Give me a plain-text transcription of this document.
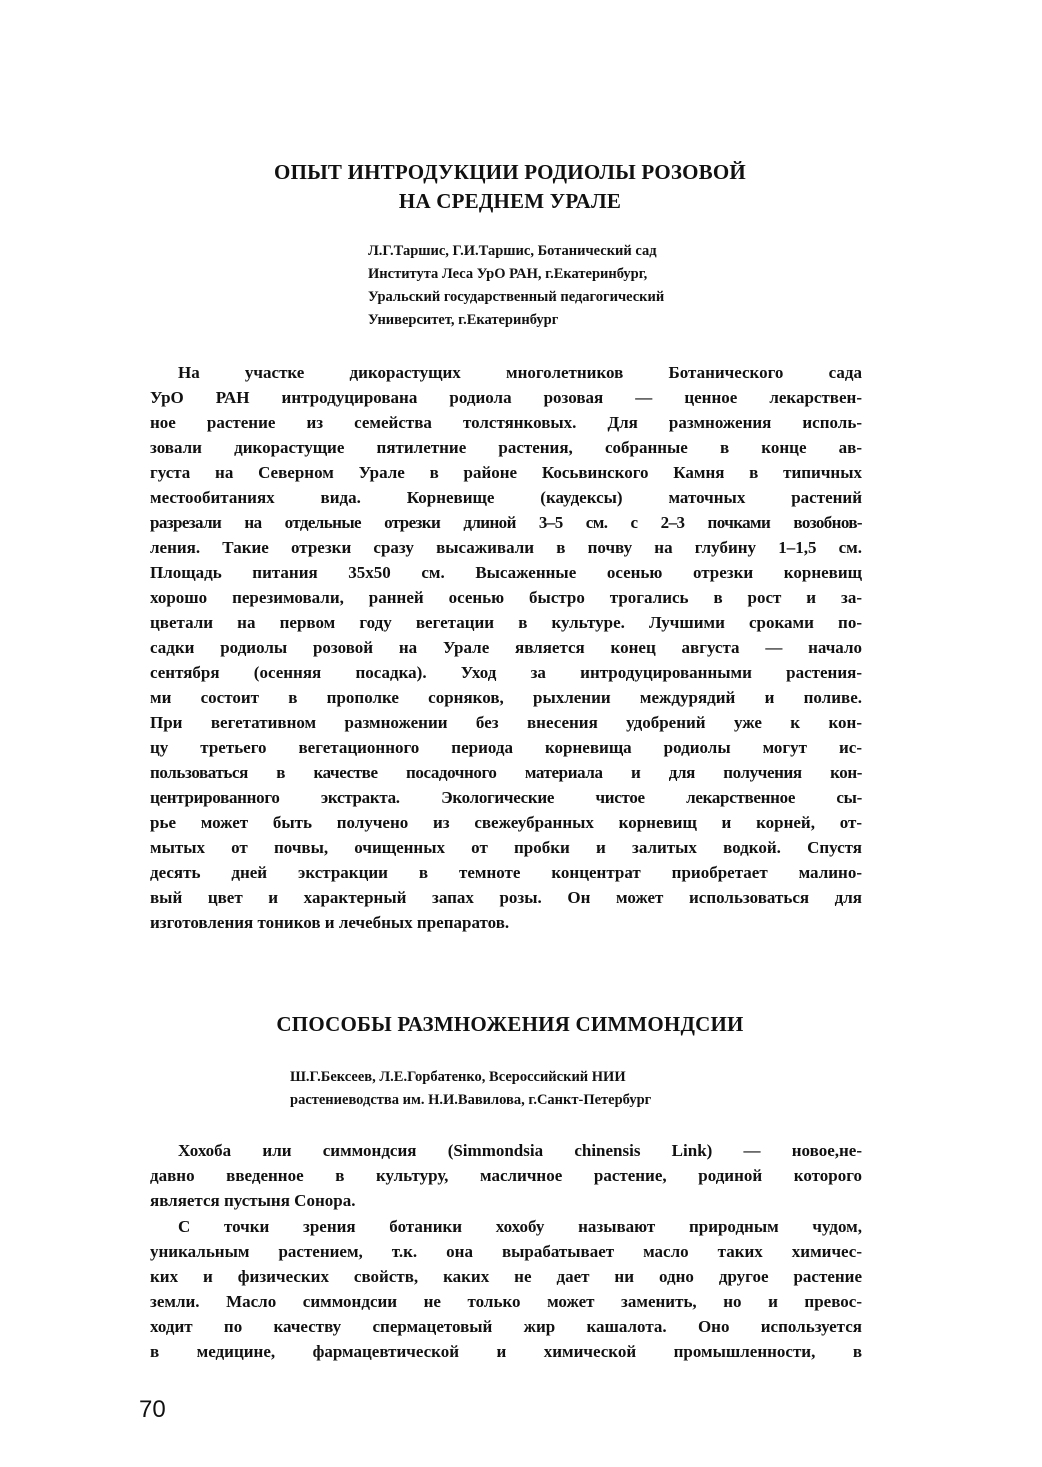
ОПЫТ ИНТРОДУКЦИИ РОДИОЛЫ РОЗОВОЙ
НА СРЕДНЕМ УРАЛЕ
Л.Г.Таршис, Г.И.Таршис, Ботанический сад
Института Леса УрО РАН, г.Екатеринбург,
Уральский государственный педагогический
Университет, г.Екатеринбург
На участке дикорастущих многолетников Ботанического сада
УрО РАН интродуцирована родиола розовая — ценное лекарствен-
ное растение из семейства толстянковых. Для размножения исполь-
зовали дикорастущие пятилетние растения, собранные в конце ав-
густа на Северном Урале в районе Косьвинского Камня в типичных
местообитаниях вида. Корневище (каудексы) маточных растений
разрезали на отдельные отрезки длиной 3–5 см. с 2–3 почками возобнов-
ления. Такие отрезки сразу высаживали в почву на глубину 1–1,5 см.
Площадь питания 35x50 см. Высаженные осенью отрезки корневищ
хорошо перезимовали, ранней осенью быстро трогались в рост и за-
цветали на первом году вегетации в культуре. Лучшими сроками по-
садки родиолы розовой на Урале является конец августа — начало
сентября (осенняя посадка). Уход за интродуцированными растения-
ми состоит в прополке сорняков, рыхлении междурядий и поливе.
При вегетативном размножении без внесения удобрений уже к кон-
цу третьего вегетационного периода корневища родиолы могут ис-
пользоваться в качестве посадочного материала и для получения кон-
центрированного экстракта. Экологические чистое лекарственное сы-
рье может быть получено из свежеубранных корневищ и корней, от-
мытых от почвы, очищенных от пробки и залитых водкой. Спустя
десять дней экстракции в темноте концентрат приобретает малино-
вый цвет и характерный запах розы. Он может использоваться для
изготовления тоников и лечебных препаратов.
СПОСОБЫ РАЗМНОЖЕНИЯ СИММОНДСИИ
Ш.Г.Бексеев, Л.Е.Горбатенко, Всероссийский НИИ
растениеводства им. Н.И.Вавилова, г.Санкт-Петербург
Хохоба или симмондсия (Simmondsia chinensis Link) — новое,не-
давно введенное в культуру, масличное растение, родиной которого
является пустыня Сонора.
С точки зрения ботаники хохобу называют природным чудом,
уникальным растением, т.к. она вырабатывает масло таких химичес-
ких и физических свойств, каких не дает ни одно другое растение
земли. Масло симмондсии не только может заменить, но и превос-
ходит по качеству спермацетовый жир кашалота. Оно используется
в медицине, фармацевтической и химической промышленности, в
70
